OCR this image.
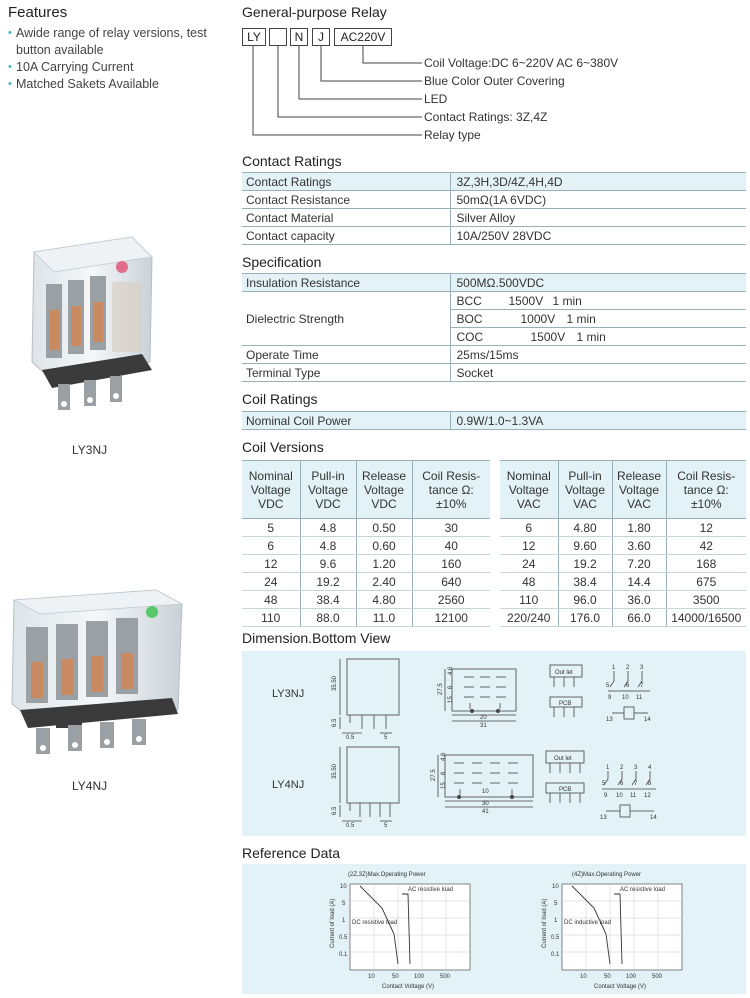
Features
• Awide range of relay versions, test button available
• 10A Carrying Current
• Matched Sakets Available
LY3NJ
LY4NJ
General-purpose Relay
LY	N	J	AC220V
Coil Voltage:DC 6~220V AC 6~380V
Blue Color Outer Covering
LED
Contact Ratings: 3Z,4Z
Relay type
Contact Ratings
Contact Ratings	3Z,3H,3D/4Z,4H,4D
Contact Resistance	50mΩ(1A 6VDC)
Contact Material	Silver Alloy
Contact capacity	10A/250V 28VDC
Specification
Insulation Resistance	500MΩ.500VDC
Dielectric Strength	BCC 1500V 1 min
	BOC 1000V 1 min
	COC 1500V 1 min
Operate Time	25ms/15ms
Terminal Type	Socket
Coil Ratings
Nominal Coil Power	0.9W/1.0~1.3VA
Coil Versions
Nominal Voltage VDC	Pull-in Voltage VDC	Release Voltage VDC	Coil Resis-tance Ω: ±10%
5	4.8	0.50	30
6	4.8	0.60	40
12	9.6	1.20	160
24	19.2	2.40	640
48	38.4	4.80	2560
110	88.0	11.0	12100
Nominal Voltage VAC	Pull-in Voltage VAC	Release Voltage VAC	Coil Resis-tance Ω: ±10%
6	4.80	1.80	12
12	9.60	3.60	42
24	19.2	7.20	168
48	38.4	14.4	675
110	96.0	36.0	3500
220/240	176.0	66.0	14000/16500
Dimension.Bottom View
LY3NJ
LY4NJ
35.50
6.5
0.5	5
27.5
4.6
6
15
20
31
Out let
PCB
1 2 3
5
9
6
10
7
11
13	14
35.50
6.5
0.5	5
27.5
4.6
6
15
10
30
41
Out let
PCB
1 2 3 4
5
9
6
10
7
11
8
12
13	14
Reference Data
(2Z,3Z)Max.Operating Power
AC resistive load
DC resistive load
10
5
1
0.5
0.1
10	50	100	500
Current of load (A)
Contact Voltage (V)
(4Z)Max.Operating Power
AC resistive load
DC inductive load
10
5
1
0.5
0.1
10	50	100	500
Current of load (A)
Contact Voltage (V)
